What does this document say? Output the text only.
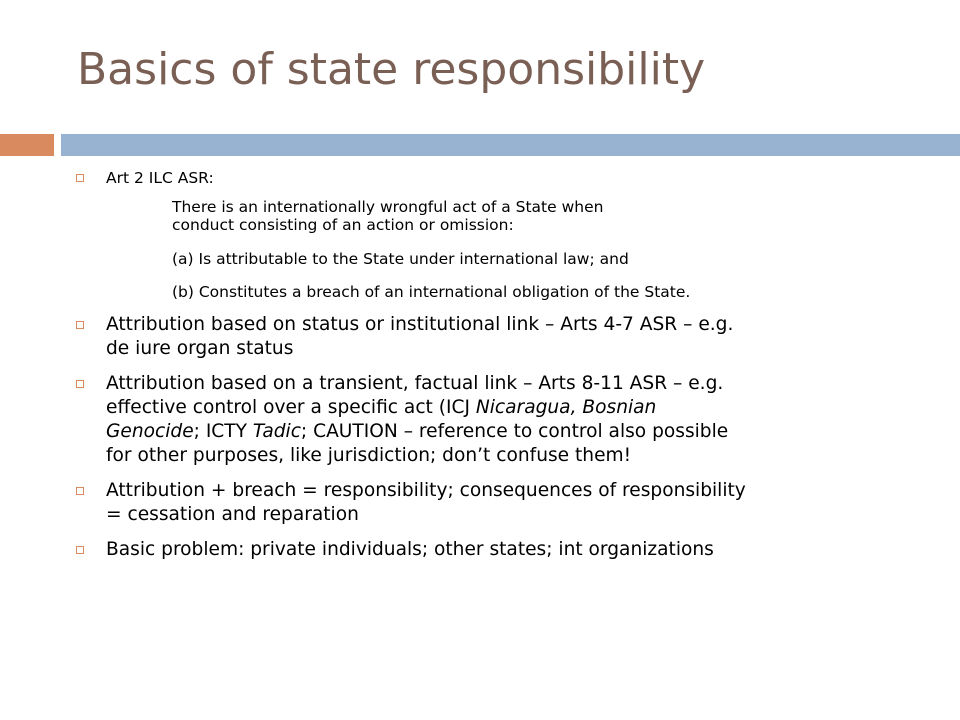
Basics of state responsibility
Art 2 ILC ASR:
There is an internationally wrongful act of a State when
conduct consisting of an action or omission:
(a) Is attributable to the State under international law; and
(b) Constitutes a breach of an international obligation of the State.
Attribution based on status or institutional link – Arts 4-7 ASR – e.g.
de iure organ status
Attribution based on a transient, factual link – Arts 8-11 ASR – e.g.
effective control over a specific act (ICJ Nicaragua, Bosnian
Genocide; ICTY Tadic; CAUTION – reference to control also possible
for other purposes, like jurisdiction; don’t confuse them!
Attribution + breach = responsibility; consequences of responsibility
= cessation and reparation
Basic problem: private individuals; other states; int organizations
